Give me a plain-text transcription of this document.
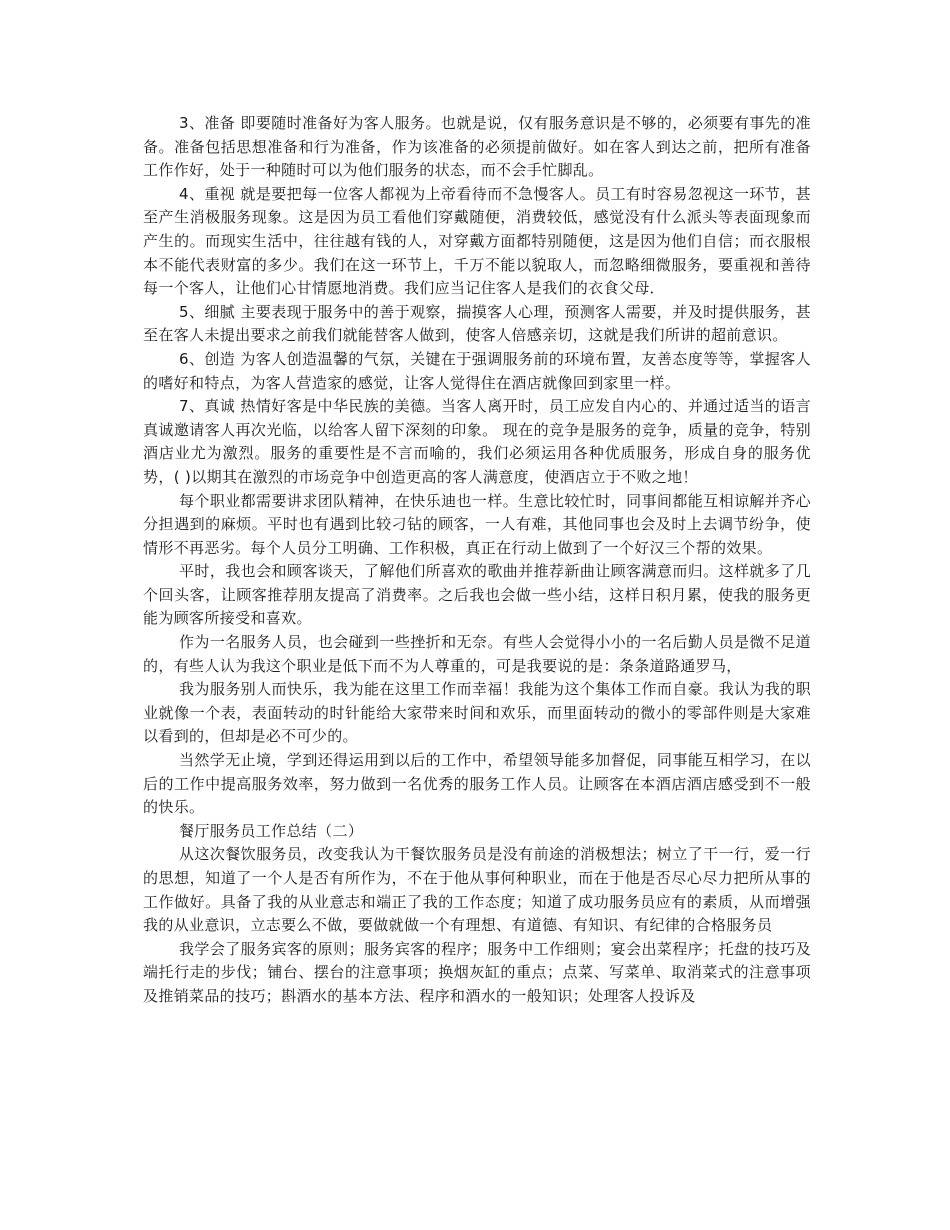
3、准备 即要随时准备好为客人服务。也就是说，仅有服务意识是不够的，必须要有事先的准备。准备包括思想准备和行为准备，作为该准备的必须提前做好。如在客人到达之前，把所有准备工作作好，处于一种随时可以为他们服务的状态，而不会手忙脚乱。

4、重视 就是要把每一位客人都视为上帝看待而不急慢客人。员工有时容易忽视这一环节，甚至产生消极服务现象。这是因为员工看他们穿戴随便，消费较低，感觉没有什么派头等表面现象而产生的。而现实生活中，往往越有钱的人，对穿戴方面都特别随便，这是因为他们自信；而衣服根本不能代表财富的多少。我们在这一环节上，千万不能以貌取人，而忽略细微服务，要重视和善待每一个客人，让他们心甘情愿地消费。我们应当记住客人是我们的衣食父母．

5、细腻 主要表现于服务中的善于观察，揣摸客人心理，预测客人需要，并及时提供服务，甚至在客人未提出要求之前我们就能替客人做到，使客人倍感亲切，这就是我们所讲的超前意识。

6、创造 为客人创造温馨的气氛，关键在于强调服务前的环境布置，友善态度等等，掌握客人的嗜好和特点，为客人营造家的感觉，让客人觉得住在酒店就像回到家里一样。

7、真诚 热情好客是中华民族的美德。当客人离开时，员工应发自内心的、并通过适当的语言真诚邀请客人再次光临，以给客人留下深刻的印象。 现在的竞争是服务的竞争，质量的竞争，特别酒店业尤为激烈。服务的重要性是不言而喻的，我们必须运用各种优质服务，形成自身的服务优势，( )以期其在激烈的市场竞争中创造更高的客人满意度，使酒店立于不败之地！

每个职业都需要讲求团队精神，在快乐迪也一样。生意比较忙时，同事间都能互相谅解并齐心分担遇到的麻烦。平时也有遇到比较刁钻的顾客，一人有难，其他同事也会及时上去调节纷争，使情形不再恶劣。每个人员分工明确、工作积极，真正在行动上做到了一个好汉三个帮的效果。

平时，我也会和顾客谈天，了解他们所喜欢的歌曲并推荐新曲让顾客满意而归。这样就多了几个回头客，让顾客推荐朋友提高了消费率。之后我也会做一些小结，这样日积月累，使我的服务更能为顾客所接受和喜欢。

作为一名服务人员，也会碰到一些挫折和无奈。有些人会觉得小小的一名后勤人员是微不足道的，有些人认为我这个职业是低下而不为人尊重的，可是我要说的是：条条道路通罗马，

我为服务别人而快乐，我为能在这里工作而幸福！我能为这个集体工作而自豪。我认为我的职业就像一个表，表面转动的时针能给大家带来时间和欢乐，而里面转动的微小的零部件则是大家难以看到的，但却是必不可少的。

当然学无止境，学到还得运用到以后的工作中，希望领导能多加督促，同事能互相学习，在以后的工作中提高服务效率，努力做到一名优秀的服务工作人员。让顾客在本酒店酒店感受到不一般的快乐。

餐厅服务员工作总结（二）

从这次餐饮服务员，改变我认为干餐饮服务员是没有前途的消极想法；树立了干一行，爱一行的思想，知道了一个人是否有所作为，不在于他从事何种职业，而在于他是否尽心尽力把所从事的工作做好。具备了我的从业意志和端正了我的工作态度；知道了成功服务员应有的素质，从而增强我的从业意识，立志要么不做，要做就做一个有理想、有道德、有知识、有纪律的合格服务员

我学会了服务宾客的原则；服务宾客的程序；服务中工作细则；宴会出菜程序；托盘的技巧及端托行走的步伐；铺台、摆台的注意事项；换烟灰缸的重点；点菜、写菜单、取消菜式的注意事项及推销菜品的技巧；斟酒水的基本方法、程序和酒水的一般知识；处理客人投诉及
